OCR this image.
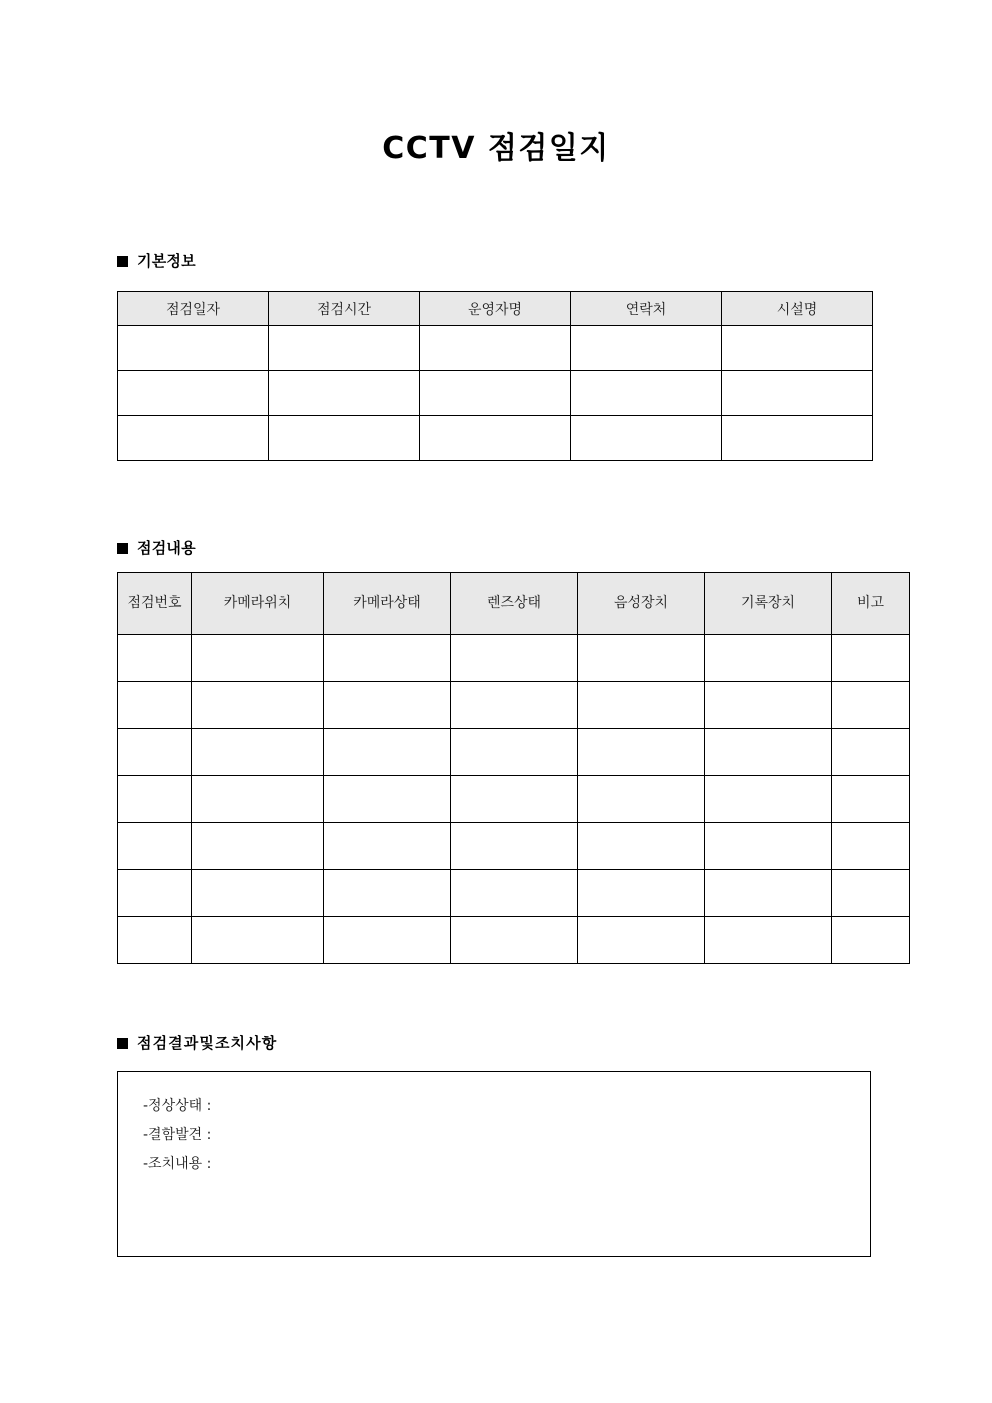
CCTV 점검일지
기본정보
점검일자	점검시간	운영자명	연락처	시설명

점검내용
점검번호	카메라위치	카메라상태	렌즈상태	음성장치	기록장치	비고

점검결과및조치사항
-정상상태 :
-결함발견 :
-조치내용 :
